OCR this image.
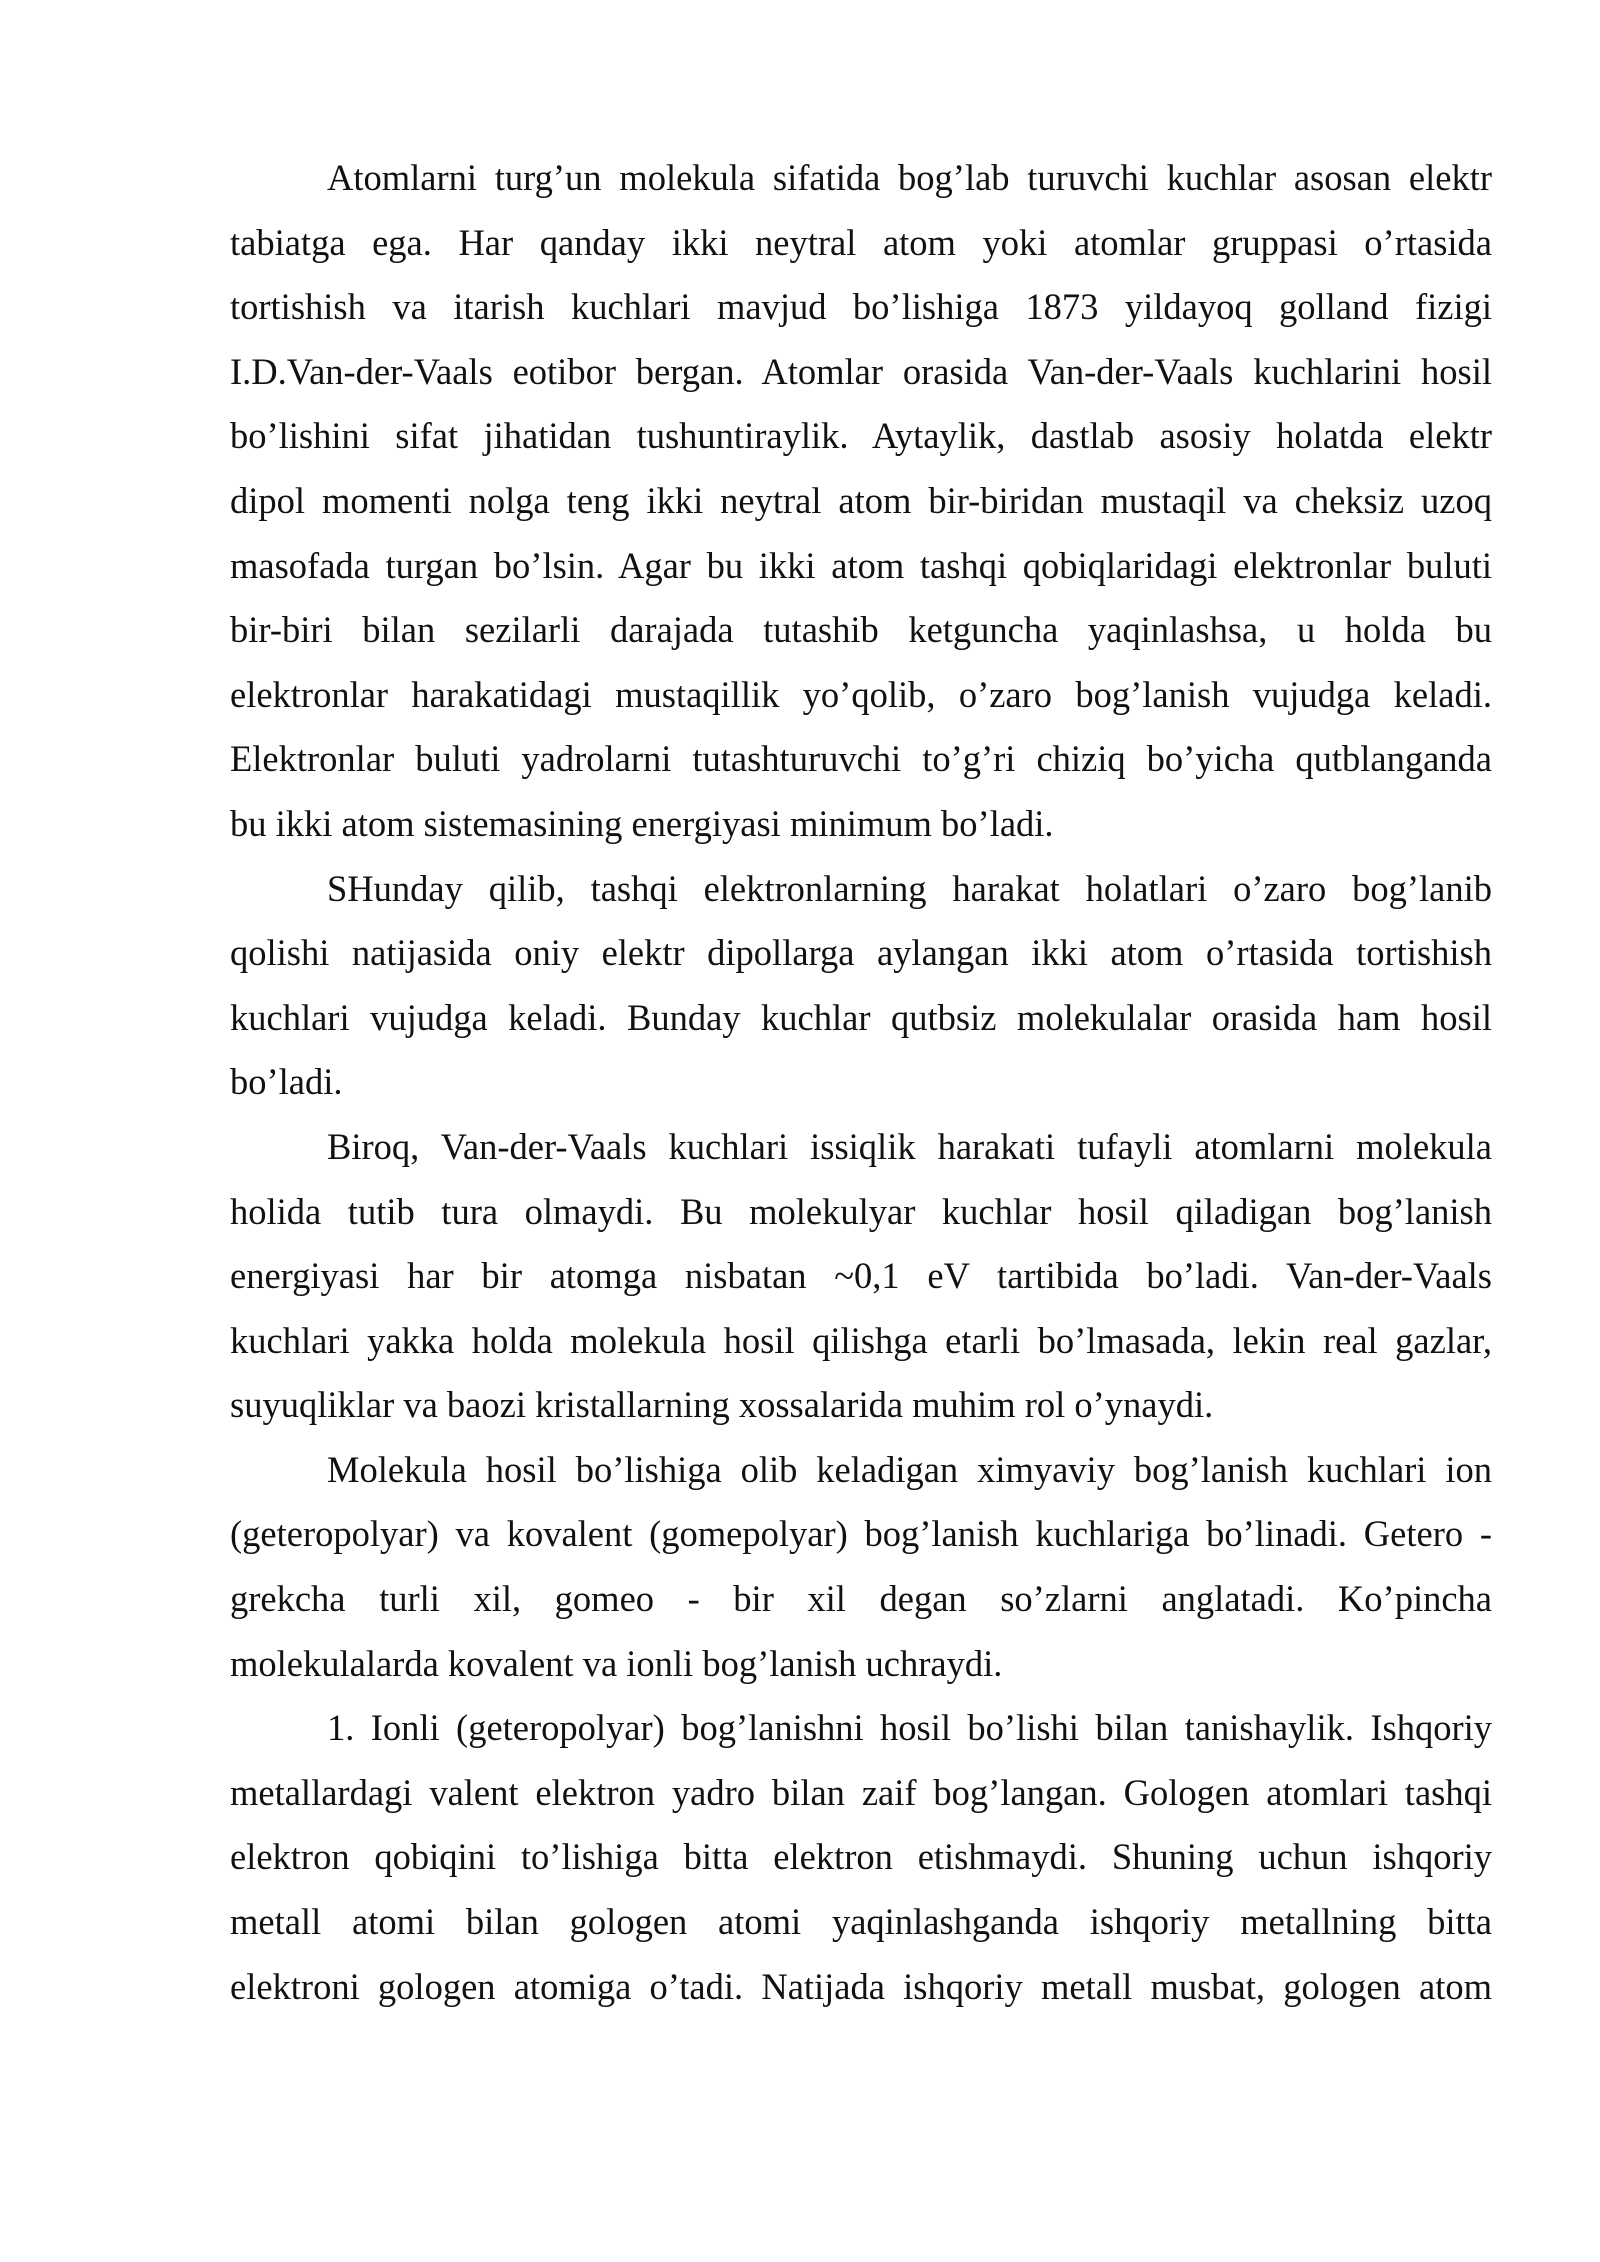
Atomlarni turg’un molekula sifatida bog’lab turuvchi kuchlar asosan elektr
tabiatga ega. Har qanday ikki neytral atom yoki atomlar gruppasi o’rtasida
tortishish va itarish kuchlari mavjud bo’lishiga 1873 yildayoq golland fizigi
I.D.Van-der-Vaals eotibor bergan. Atomlar orasida Van-der-Vaals kuchlarini hosil
bo’lishini sifat jihatidan tushuntiraylik. Aytaylik, dastlab asosiy holatda elektr
dipol momenti nolga teng ikki neytral atom bir-biridan mustaqil va cheksiz uzoq
masofada turgan bo’lsin. Agar bu ikki atom tashqi qobiqlaridagi elektronlar buluti
bir-biri bilan sezilarli darajada tutashib ketguncha yaqinlashsa, u holda bu
elektronlar harakatidagi mustaqillik yo’qolib, o’zaro bog’lanish vujudga keladi.
Elektronlar buluti yadrolarni tutashturuvchi to’g’ri chiziq bo’yicha qutblanganda
bu ikki atom sistemasining energiyasi minimum bo’ladi.
SHunday qilib, tashqi elektronlarning harakat holatlari o’zaro bog’lanib
qolishi natijasida oniy elektr dipollarga aylangan ikki atom o’rtasida tortishish
kuchlari vujudga keladi. Bunday kuchlar qutbsiz molekulalar orasida ham hosil
bo’ladi.
Biroq, Van-der-Vaals kuchlari issiqlik harakati tufayli atomlarni molekula
holida tutib tura olmaydi. Bu molekulyar kuchlar hosil qiladigan bog’lanish
energiyasi har bir atomga nisbatan ~0,1 eV tartibida bo’ladi. Van-der-Vaals
kuchlari yakka holda molekula hosil qilishga etarli bo’lmasada, lekin real gazlar,
suyuqliklar va baozi kristallarning xossalarida muhim rol o’ynaydi.
Molekula hosil bo’lishiga olib keladigan ximyaviy bog’lanish kuchlari ion
(geteropolyar) va kovalent (gomepolyar) bog’lanish kuchlariga bo’linadi. Getero -
grekcha turli xil, gomeo - bir xil degan so’zlarni anglatadi. Ko’pincha
molekulalarda kovalent va ionli bog’lanish uchraydi.
1. Ionli (geteropolyar) bog’lanishni hosil bo’lishi bilan tanishaylik. Ishqoriy
metallardagi valent elektron yadro bilan zaif bog’langan. Gologen atomlari tashqi
elektron qobiqini to’lishiga bitta elektron etishmaydi. Shuning uchun ishqoriy
metall atomi bilan gologen atomi yaqinlashganda ishqoriy metallning bitta
elektroni gologen atomiga o’tadi. Natijada ishqoriy metall musbat, gologen atom
